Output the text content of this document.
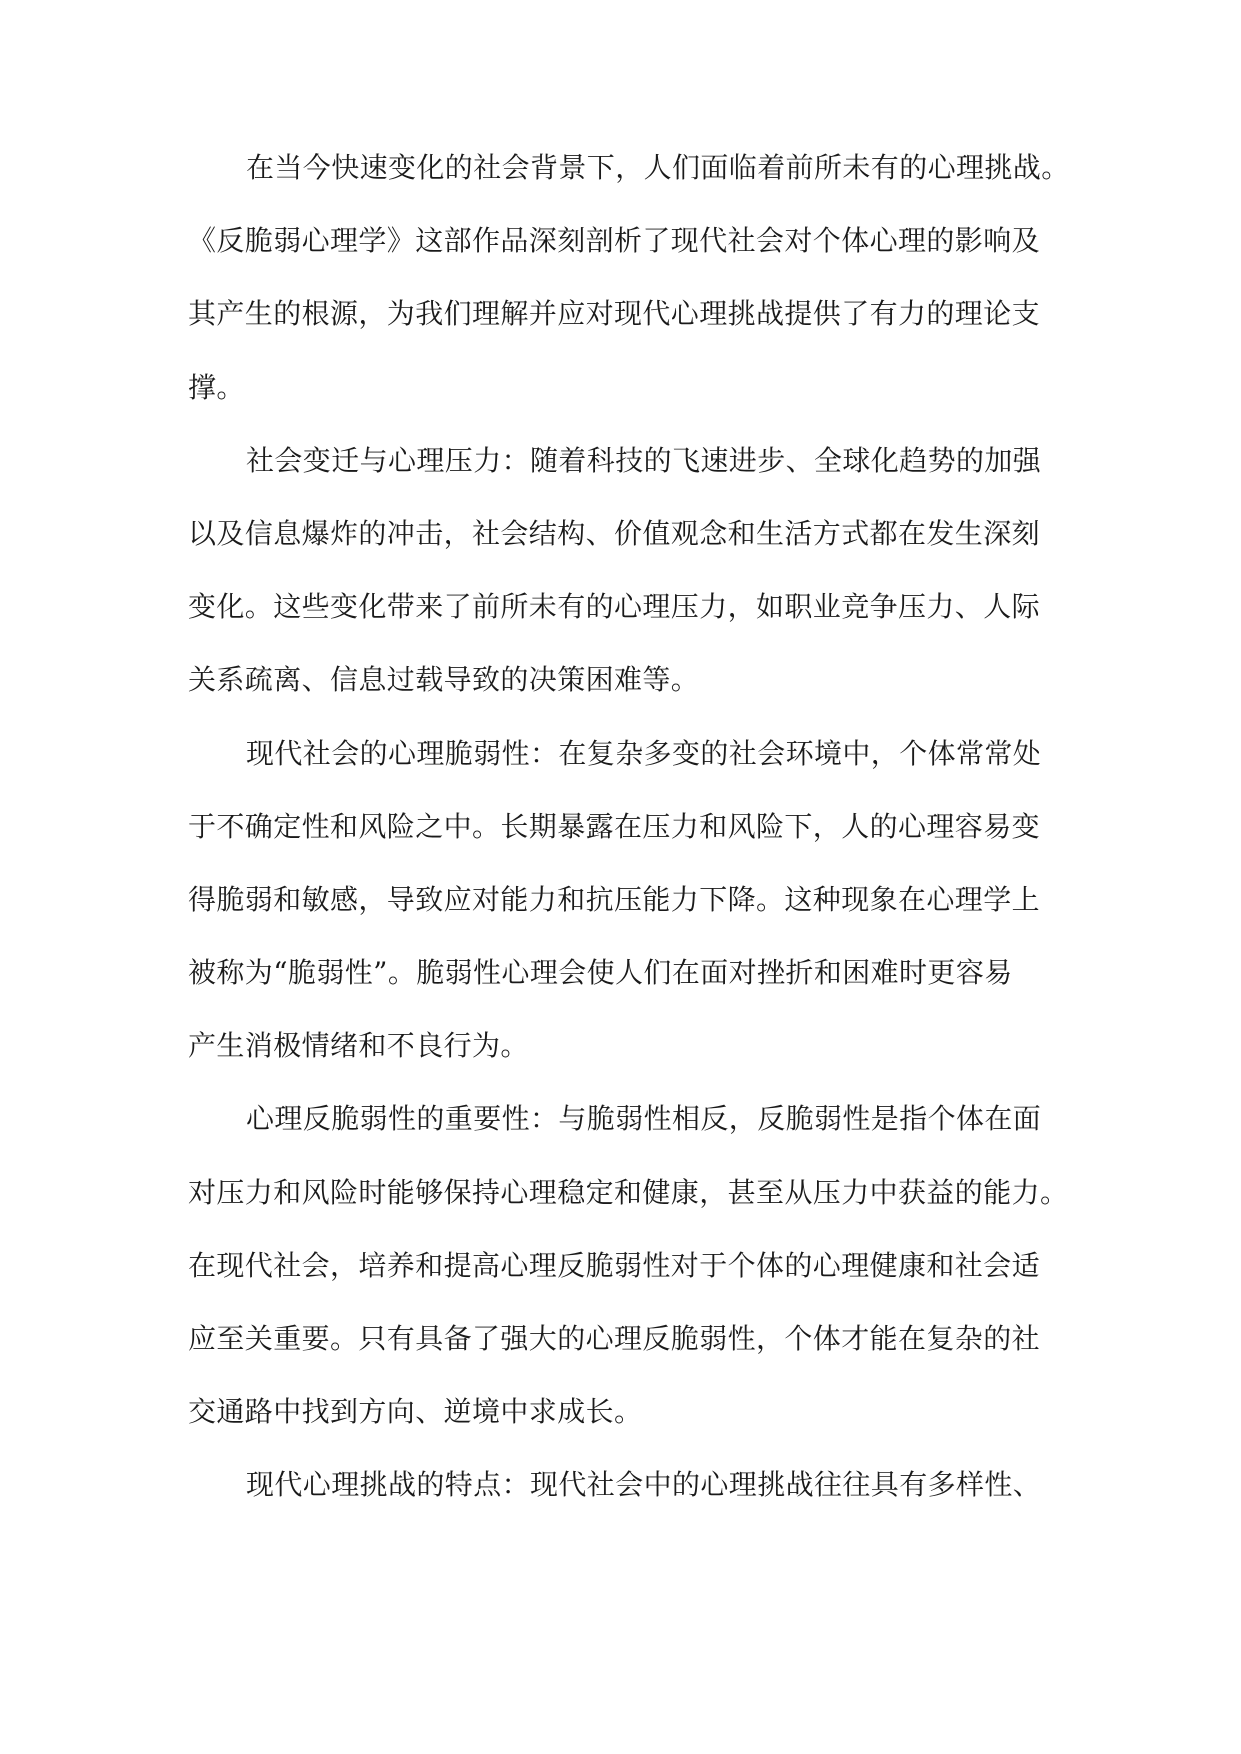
在当今快速变化的社会背景下，人们面临着前所未有的心理挑战。
《反脆弱心理学》这部作品深刻剖析了现代社会对个体心理的影响及
其产生的根源，为我们理解并应对现代心理挑战提供了有力的理论支
撑。
社会变迁与心理压力：随着科技的飞速进步、全球化趋势的加强
以及信息爆炸的冲击，社会结构、价值观念和生活方式都在发生深刻
变化。这些变化带来了前所未有的心理压力，如职业竞争压力、人际
关系疏离、信息过载导致的决策困难等。
现代社会的心理脆弱性：在复杂多变的社会环境中，个体常常处
于不确定性和风险之中。长期暴露在压力和风险下，人的心理容易变
得脆弱和敏感，导致应对能力和抗压能力下降。这种现象在心理学上
被称为“脆弱性”。脆弱性心理会使人们在面对挫折和困难时更容易
产生消极情绪和不良行为。
心理反脆弱性的重要性：与脆弱性相反，反脆弱性是指个体在面
对压力和风险时能够保持心理稳定和健康，甚至从压力中获益的能力。
在现代社会，培养和提高心理反脆弱性对于个体的心理健康和社会适
应至关重要。只有具备了强大的心理反脆弱性，个体才能在复杂的社
交通路中找到方向、逆境中求成长。
现代心理挑战的特点：现代社会中的心理挑战往往具有多样性、
